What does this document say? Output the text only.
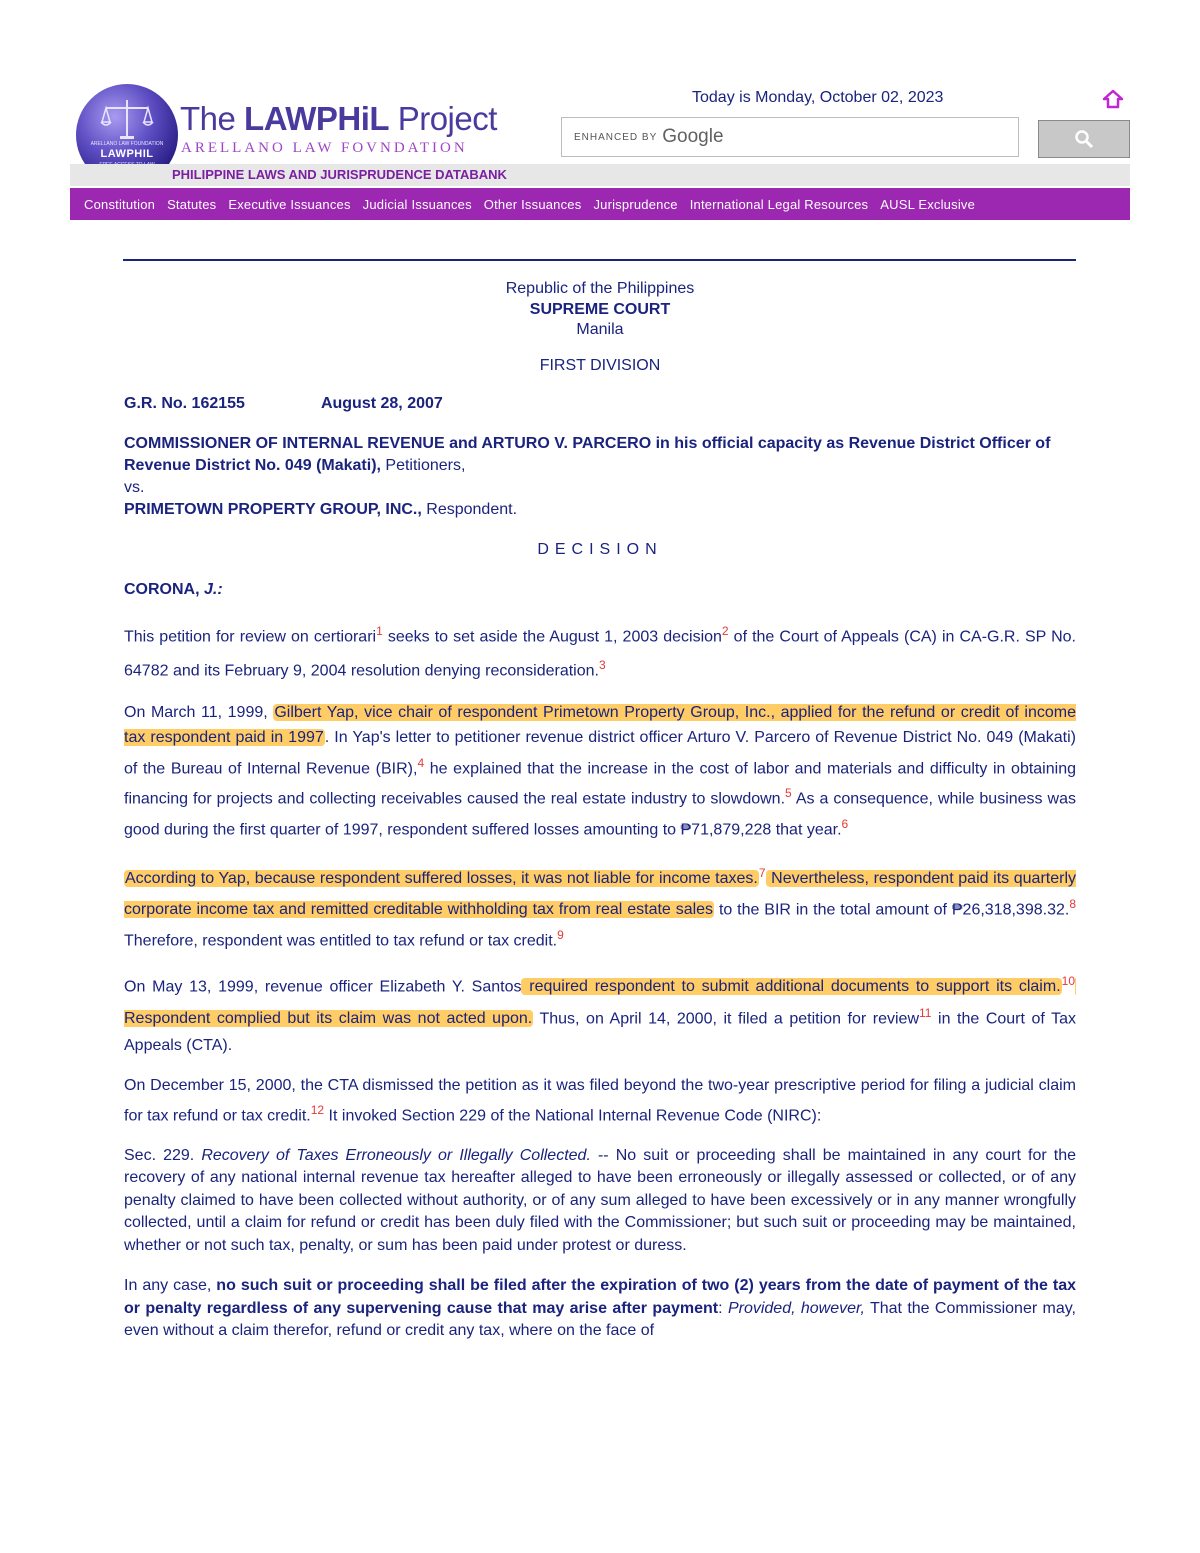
ARELLANO LAW FOUNDATION
LAWPHIL
The LAWPHiL Project
ARELLANO LAW FOVNDATION
PHILIPPINE LAWS AND JURISPRUDENCE DATABANK
Constitution Statutes Executive Issuances Judicial Issuances Other Issuances Jurisprudence International Legal Resources AUSL Exclusive
Today is Monday, October 02, 2023
ENHANCED BY Google
Republic of the Philippines
SUPREME COURT
Manila
FIRST DIVISION
G.R. No. 162155	August 28, 2007
COMMISSIONER OF INTERNAL REVENUE and ARTURO V. PARCERO in his official capacity as Revenue District Officer of Revenue District No. 049 (Makati), Petitioners,
vs.
PRIMETOWN PROPERTY GROUP, INC., Respondent.
DECISION
CORONA, J.:

This petition for review on certiorari$^1$ seeks to set aside the August 1, 2003 decision$^2$ of the Court of Appeals (CA) in CA-G.R. SP No. 64782 and its February 9, 2004 resolution denying reconsideration.$^3$

On March 11, 1999, Gilbert Yap, vice chair of respondent Primetown Property Group, Inc., applied for the refund or credit of income tax respondent paid in 1997. In Yap's letter to petitioner revenue district officer Arturo V. Parcero of Revenue District No. 049 (Makati) of the Bureau of Internal Revenue (BIR),$^4$ he explained that the increase in the cost of labor and materials and difficulty in obtaining financing for projects and collecting receivables caused the real estate industry to slowdown.$^5$ As a consequence, while business was good during the first quarter of 1997, respondent suffered losses amounting to ₱71,879,228 that year.$^6$

According to Yap, because respondent suffered losses, it was not liable for income taxes.$^7$ Nevertheless, respondent paid its quarterly corporate income tax and remitted creditable withholding tax from real estate sales to the BIR in the total amount of ₱26,318,398.32.$^8$ Therefore, respondent was entitled to tax refund or tax credit.$^9$

On May 13, 1999, revenue officer Elizabeth Y. Santos required respondent to submit additional documents to support its claim.$^{10}$ Respondent complied but its claim was not acted upon. Thus, on April 14, 2000, it filed a petition for review$^{11}$ in the Court of Tax Appeals (CTA).

On December 15, 2000, the CTA dismissed the petition as it was filed beyond the two-year prescriptive period for filing a judicial claim for tax refund or tax credit.$^{12}$ It invoked Section 229 of the National Internal Revenue Code (NIRC):

Sec. 229. Recovery of Taxes Erroneously or Illegally Collected. -- No suit or proceeding shall be maintained in any court for the recovery of any national internal revenue tax hereafter alleged to have been erroneously or illegally assessed or collected, or of any penalty claimed to have been collected without authority, or of any sum alleged to have been excessively or in any manner wrongfully collected, until a claim for refund or credit has been duly filed with the Commissioner; but such suit or proceeding may be maintained, whether or not such tax, penalty, or sum has been paid under protest or duress.

In any case, no such suit or proceeding shall be filed after the expiration of two (2) years from the date of payment of the tax or penalty regardless of any supervening cause that may arise after payment: Provided, however, That the Commissioner may, even without a claim therefor, refund or credit any tax, where on the face of
